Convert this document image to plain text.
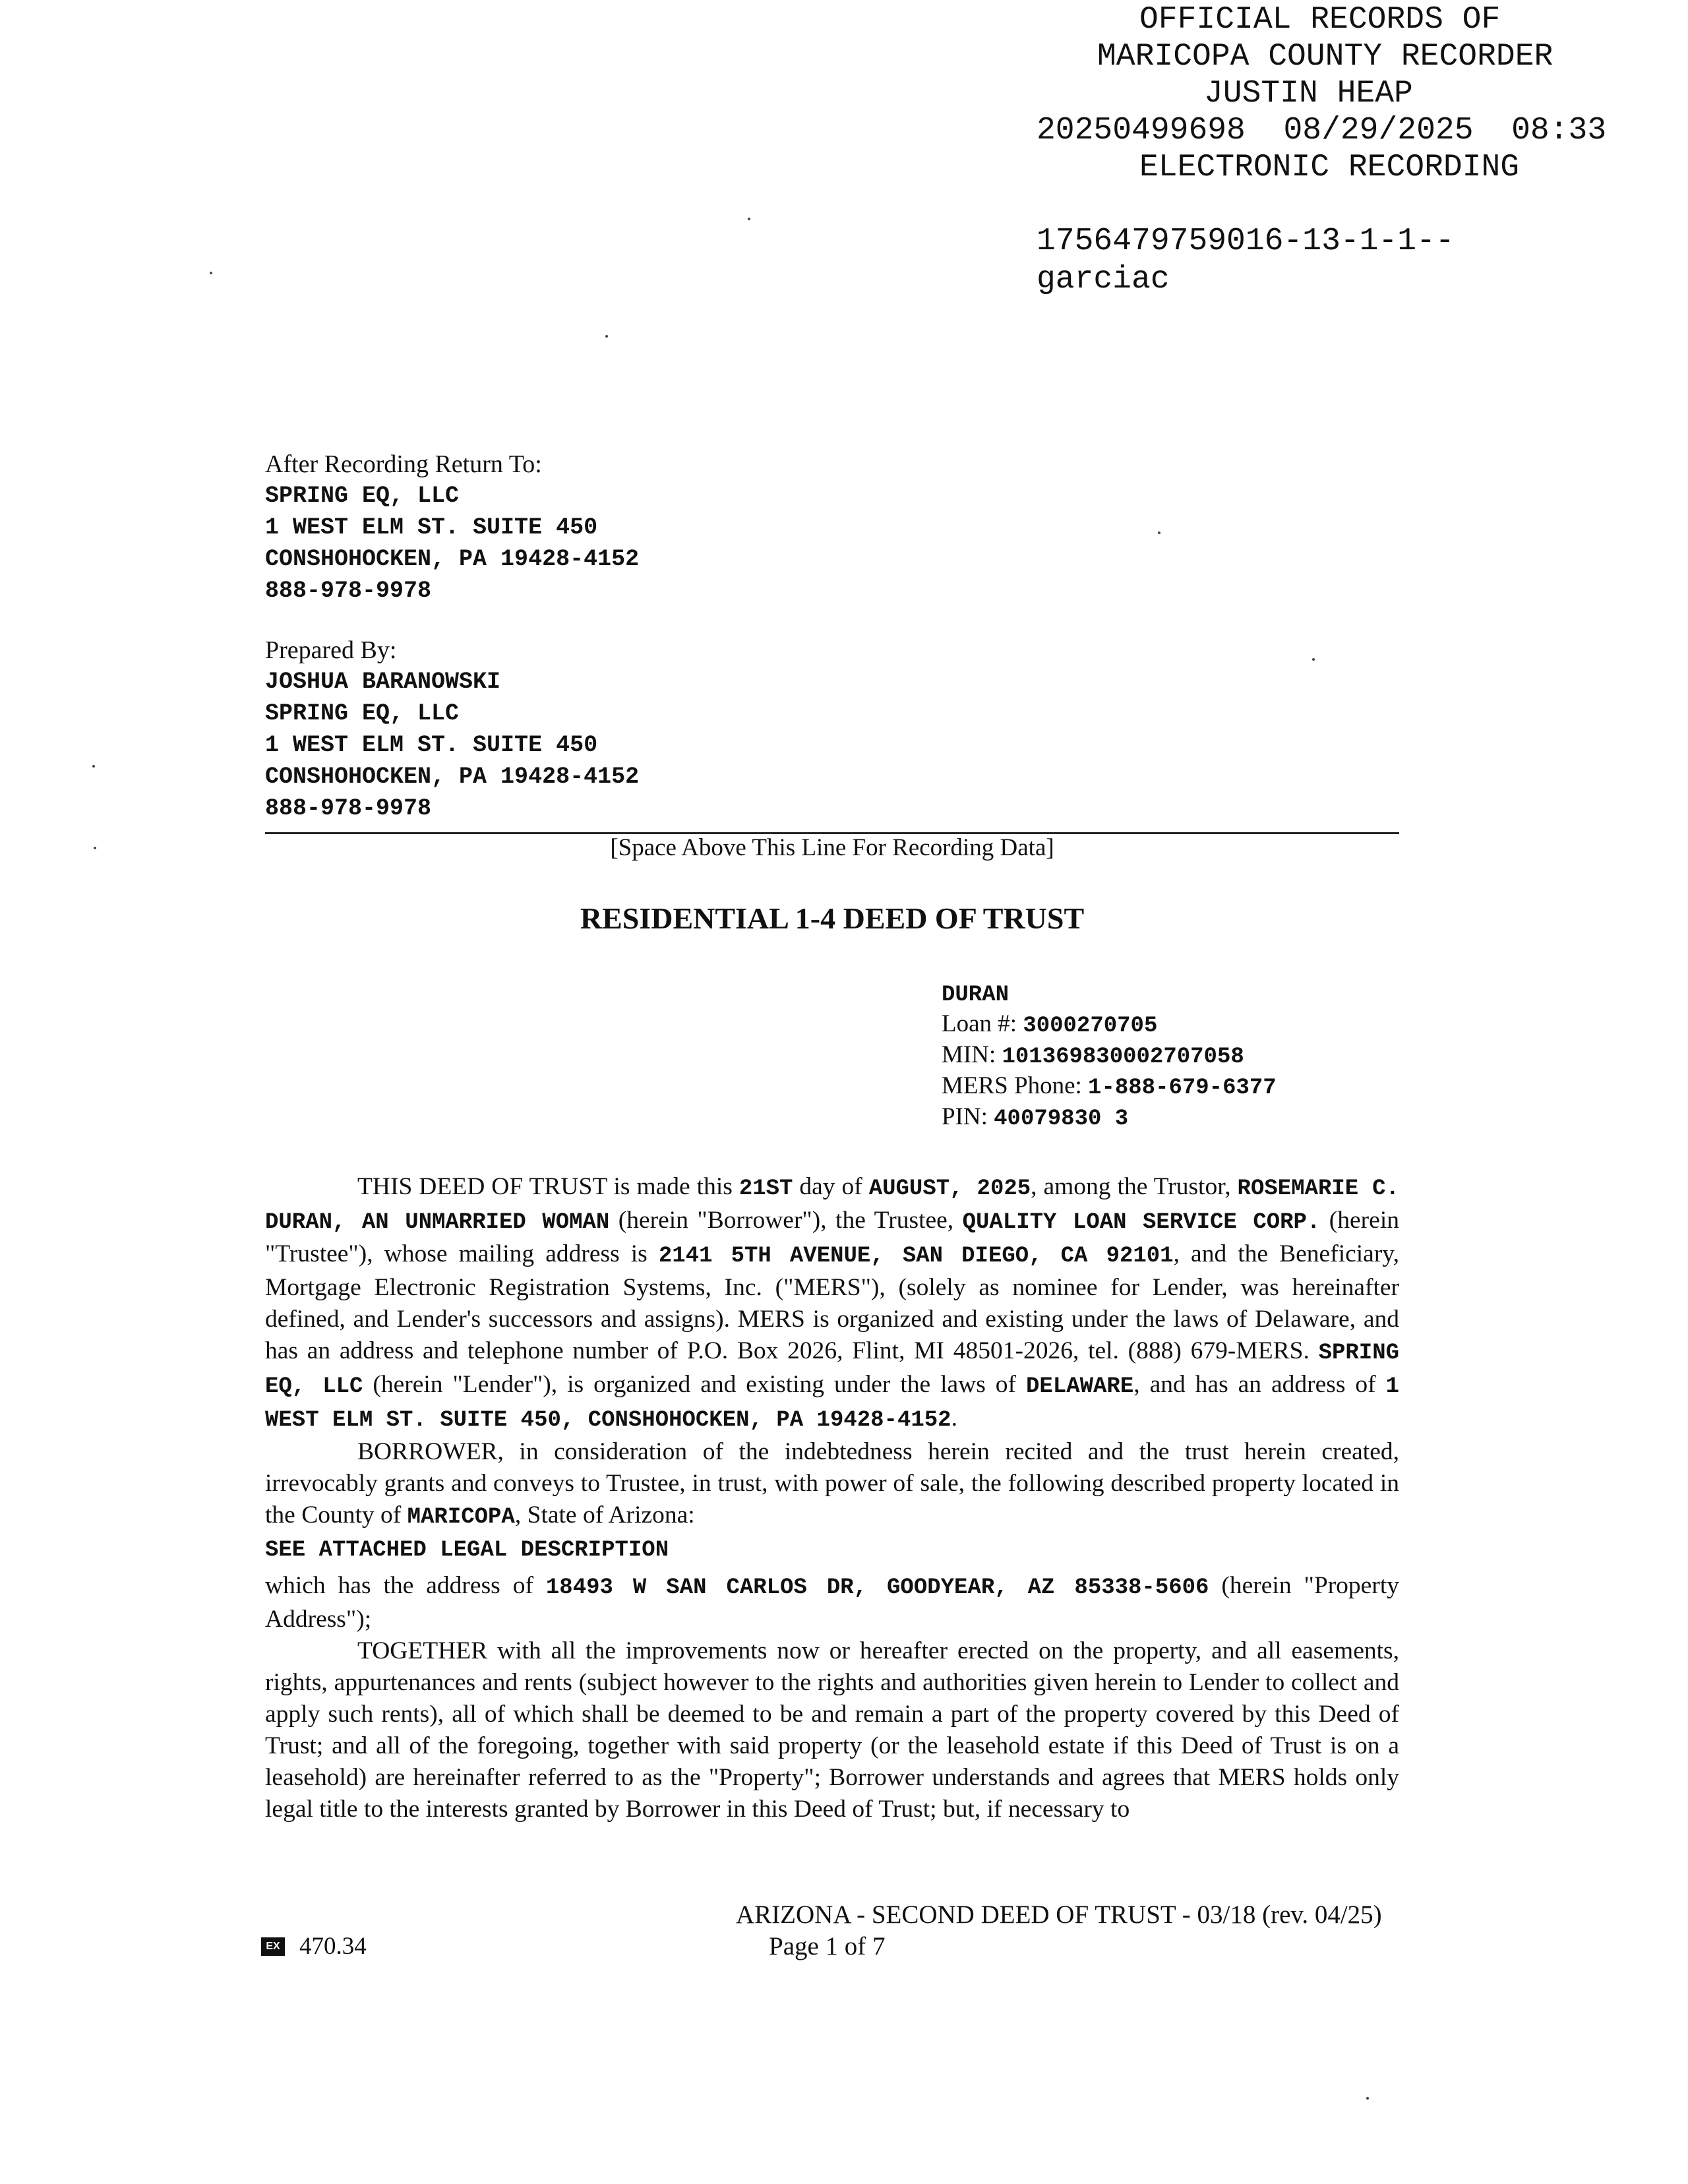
OFFICIAL RECORDS OF
MARICOPA COUNTY RECORDER
JUSTIN HEAP
20250499698  08/29/2025  08:33
ELECTRONIC RECORDING
1756479759016-13-1-1--
garciac
After Recording Return To:
SPRING EQ, LLC
1 WEST ELM ST. SUITE 450
CONSHOHOCKEN, PA 19428-4152
888-978-9978
Prepared By:
JOSHUA BARANOWSKI
SPRING EQ, LLC
1 WEST ELM ST. SUITE 450
CONSHOHOCKEN, PA 19428-4152
888-978-9978
[Space Above This Line For Recording Data]
RESIDENTIAL 1-4 DEED OF TRUST
DURAN
Loan #: 3000270705
MIN: 101369830002707058
MERS Phone: 1-888-679-6377
PIN: 40079830 3

THIS DEED OF TRUST is made this 21ST day of AUGUST, 2025, among the Trustor, ROSEMARIE C. DURAN, AN UNMARRIED WOMAN (herein "Borrower"), the Trustee, QUALITY LOAN SERVICE CORP. (herein "Trustee"), whose mailing address is 2141 5TH AVENUE, SAN DIEGO, CA 92101, and the Beneficiary, Mortgage Electronic Registration Systems, Inc. ("MERS"), (solely as nominee for Lender, was hereinafter defined, and Lender's successors and assigns). MERS is organized and existing under the laws of Delaware, and has an address and telephone number of P.O. Box 2026, Flint, MI 48501-2026, tel. (888) 679-MERS. SPRING EQ, LLC (herein "Lender"), is organized and existing under the laws of DELAWARE, and has an address of 1 WEST ELM ST. SUITE 450, CONSHOHOCKEN, PA 19428-4152.

BORROWER, in consideration of the indebtedness herein recited and the trust herein created, irrevocably grants and conveys to Trustee, in trust, with power of sale, the following described property located in the County of MARICOPA, State of Arizona:

SEE ATTACHED LEGAL DESCRIPTION

which has the address of 18493 W SAN CARLOS DR, GOODYEAR, AZ 85338-5606 (herein "Property Address");

TOGETHER with all the improvements now or hereafter erected on the property, and all easements, rights, appurtenances and rents (subject however to the rights and authorities given herein to Lender to collect and apply such rents), all of which shall be deemed to be and remain a part of the property covered by this Deed of Trust; and all of the foregoing, together with said property (or the leasehold estate if this Deed of Trust is on a leasehold) are hereinafter referred to as the "Property"; Borrower understands and agrees that MERS holds only legal title to the interests granted by Borrower in this Deed of Trust; but, if necessary to

ARIZONA - SECOND DEED OF TRUST - 03/18 (rev. 04/25)
Page 1 of 7
EX 470.34
